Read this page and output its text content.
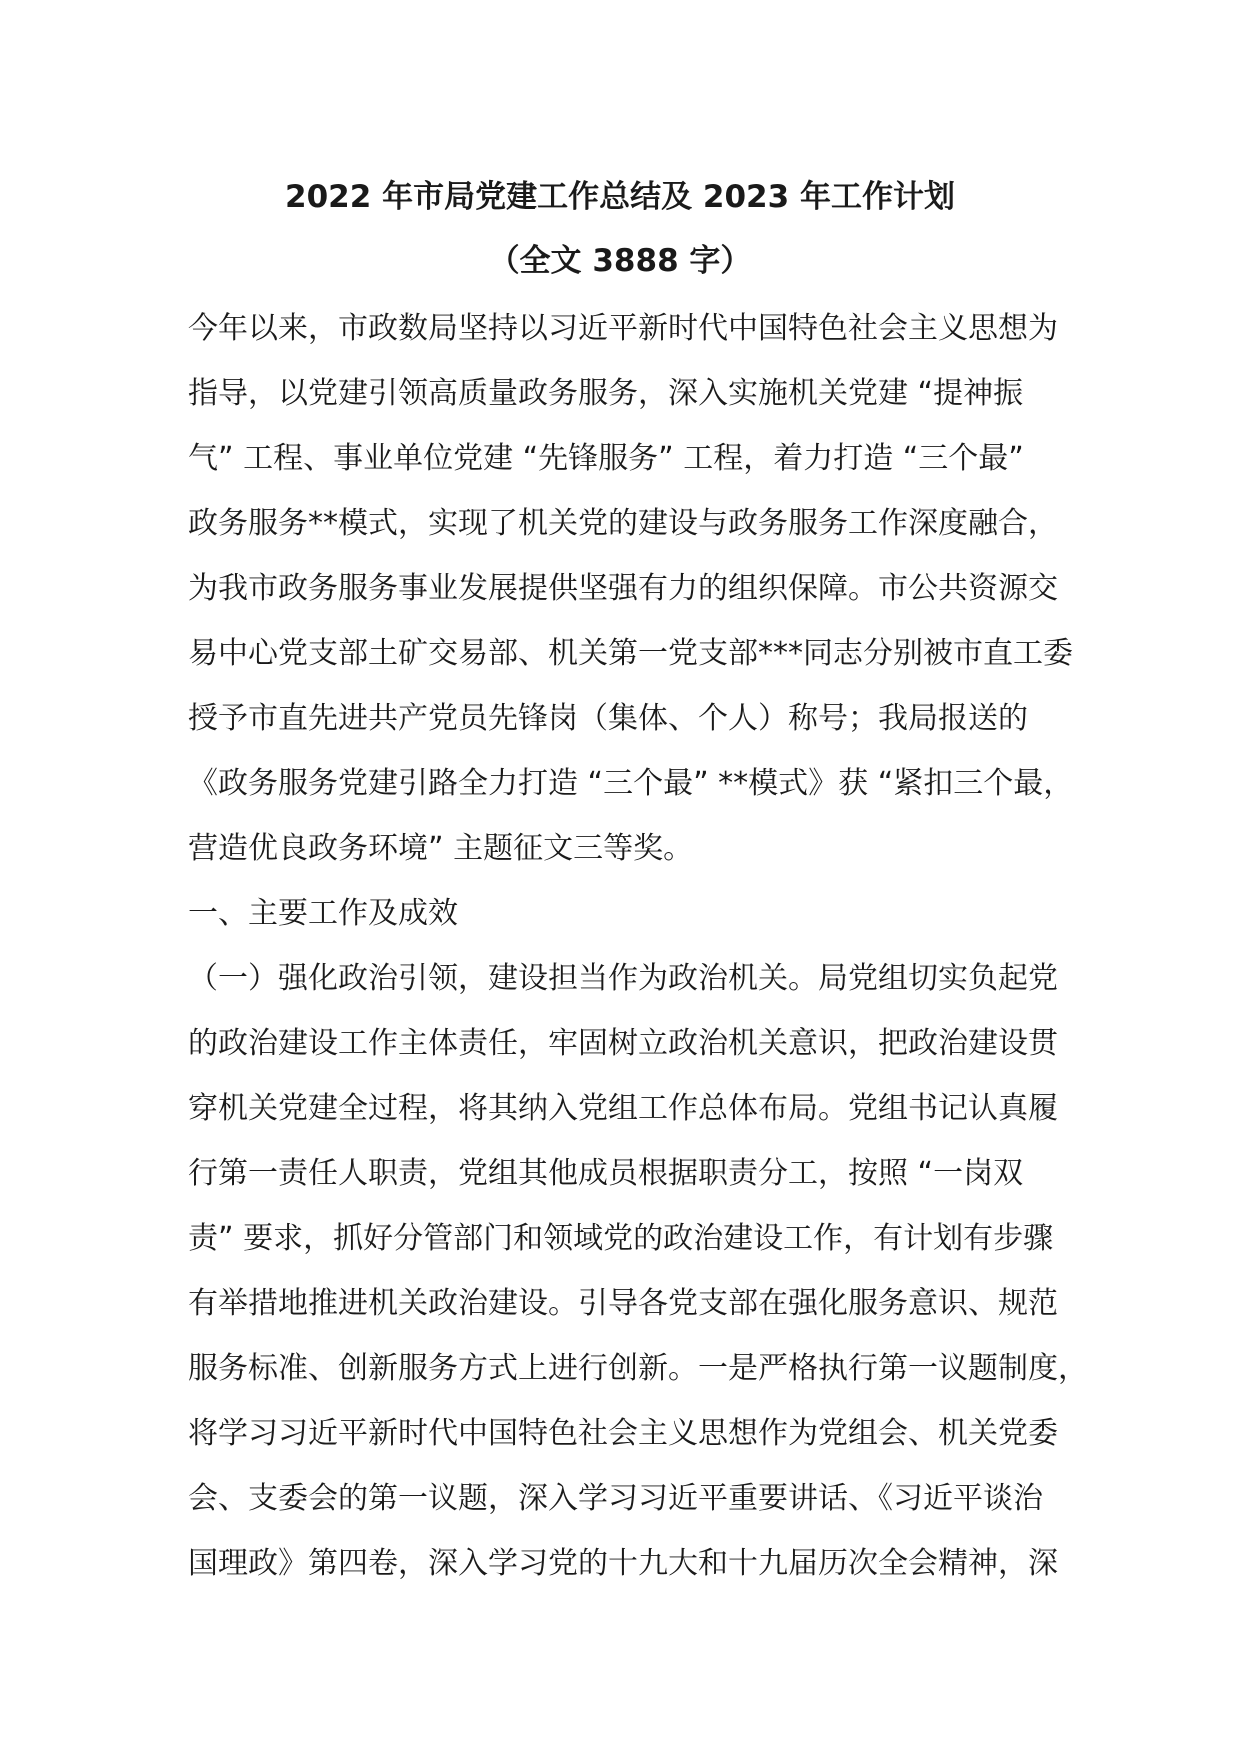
2022 年市局党建工作总结及 2023 年工作计划
（全文 3888 字）
今年以来，市政数局坚持以习近平新时代中国特色社会主义思想为
指导，以党建引领高质量政务服务，深入实施机关党建 “提神振
气” 工程、事业单位党建 “先锋服务” 工程，着力打造 “三个最”
政务服务**模式，实现了机关党的建设与政务服务工作深度融合，
为我市政务服务事业发展提供坚强有力的组织保障。市公共资源交
易中心党支部土矿交易部、机关第一党支部***同志分别被市直工委
授予市直先进共产党员先锋岗（集体、个人）称号；我局报送的
《政务服务党建引路全力打造 “三个最” **模式》获 “紧扣三个最，
营造优良政务环境” 主题征文三等奖。
一、主要工作及成效
（一）强化政治引领，建设担当作为政治机关。局党组切实负起党
的政治建设工作主体责任，牢固树立政治机关意识，把政治建设贯
穿机关党建全过程，将其纳入党组工作总体布局。党组书记认真履
行第一责任人职责，党组其他成员根据职责分工，按照 “一岗双
责” 要求，抓好分管部门和领域党的政治建设工作，有计划有步骤
有举措地推进机关政治建设。引导各党支部在强化服务意识、规范
服务标准、创新服务方式上进行创新。一是严格执行第一议题制度，
将学习习近平新时代中国特色社会主义思想作为党组会、机关党委
会、支委会的第一议题，深入学习习近平重要讲话、《习近平谈治
国理政》第四卷，深入学习党的十九大和十九届历次全会精神，深
